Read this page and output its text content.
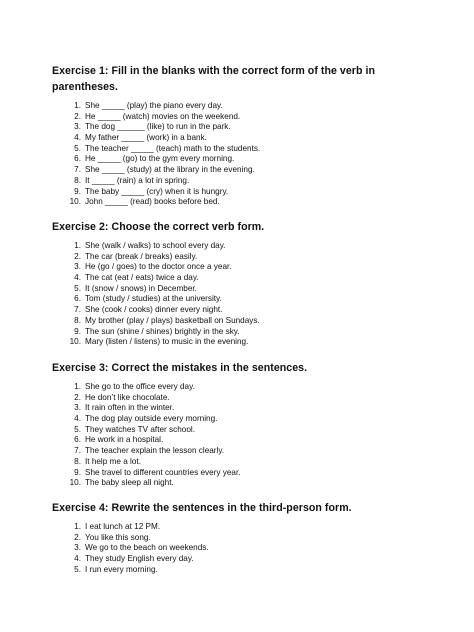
Exercise 1: Fill in the blanks with the correct form of the verb in parentheses.
1. She _____ (play) the piano every day.
2. He _____ (watch) movies on the weekend.
3. The dog ______ (like) to run in the park.
4. My father _____ (work) in a bank.
5. The teacher _____ (teach) math to the students.
6. He _____ (go) to the gym every morning.
7. She _____ (study) at the library in the evening.
8. It _____ (rain) a lot in spring.
9. The baby _____ (cry) when it is hungry.
10. John _____ (read) books before bed.
Exercise 2: Choose the correct verb form.
1. She (walk / walks) to school every day.
2. The car (break / breaks) easily.
3. He (go / goes) to the doctor once a year.
4. The cat (eat / eats) twice a day.
5. It (snow / snows) in December.
6. Tom (study / studies) at the university.
7. She (cook / cooks) dinner every night.
8. My brother (play / plays) basketball on Sundays.
9. The sun (shine / shines) brightly in the sky.
10. Mary (listen / listens) to music in the evening.
Exercise 3: Correct the mistakes in the sentences.
1. She go to the office every day.
2. He don’t like chocolate.
3. It rain often in the winter.
4. The dog play outside every morning.
5. They watches TV after school.
6. He work in a hospital.
7. The teacher explain the lesson clearly.
8. It help me a lot.
9. She travel to different countries every year.
10. The baby sleep all night.
Exercise 4: Rewrite the sentences in the third-person form.
1. I eat lunch at 12 PM.
2. You like this song.
3. We go to the beach on weekends.
4. They study English every day.
5. I run every morning.
